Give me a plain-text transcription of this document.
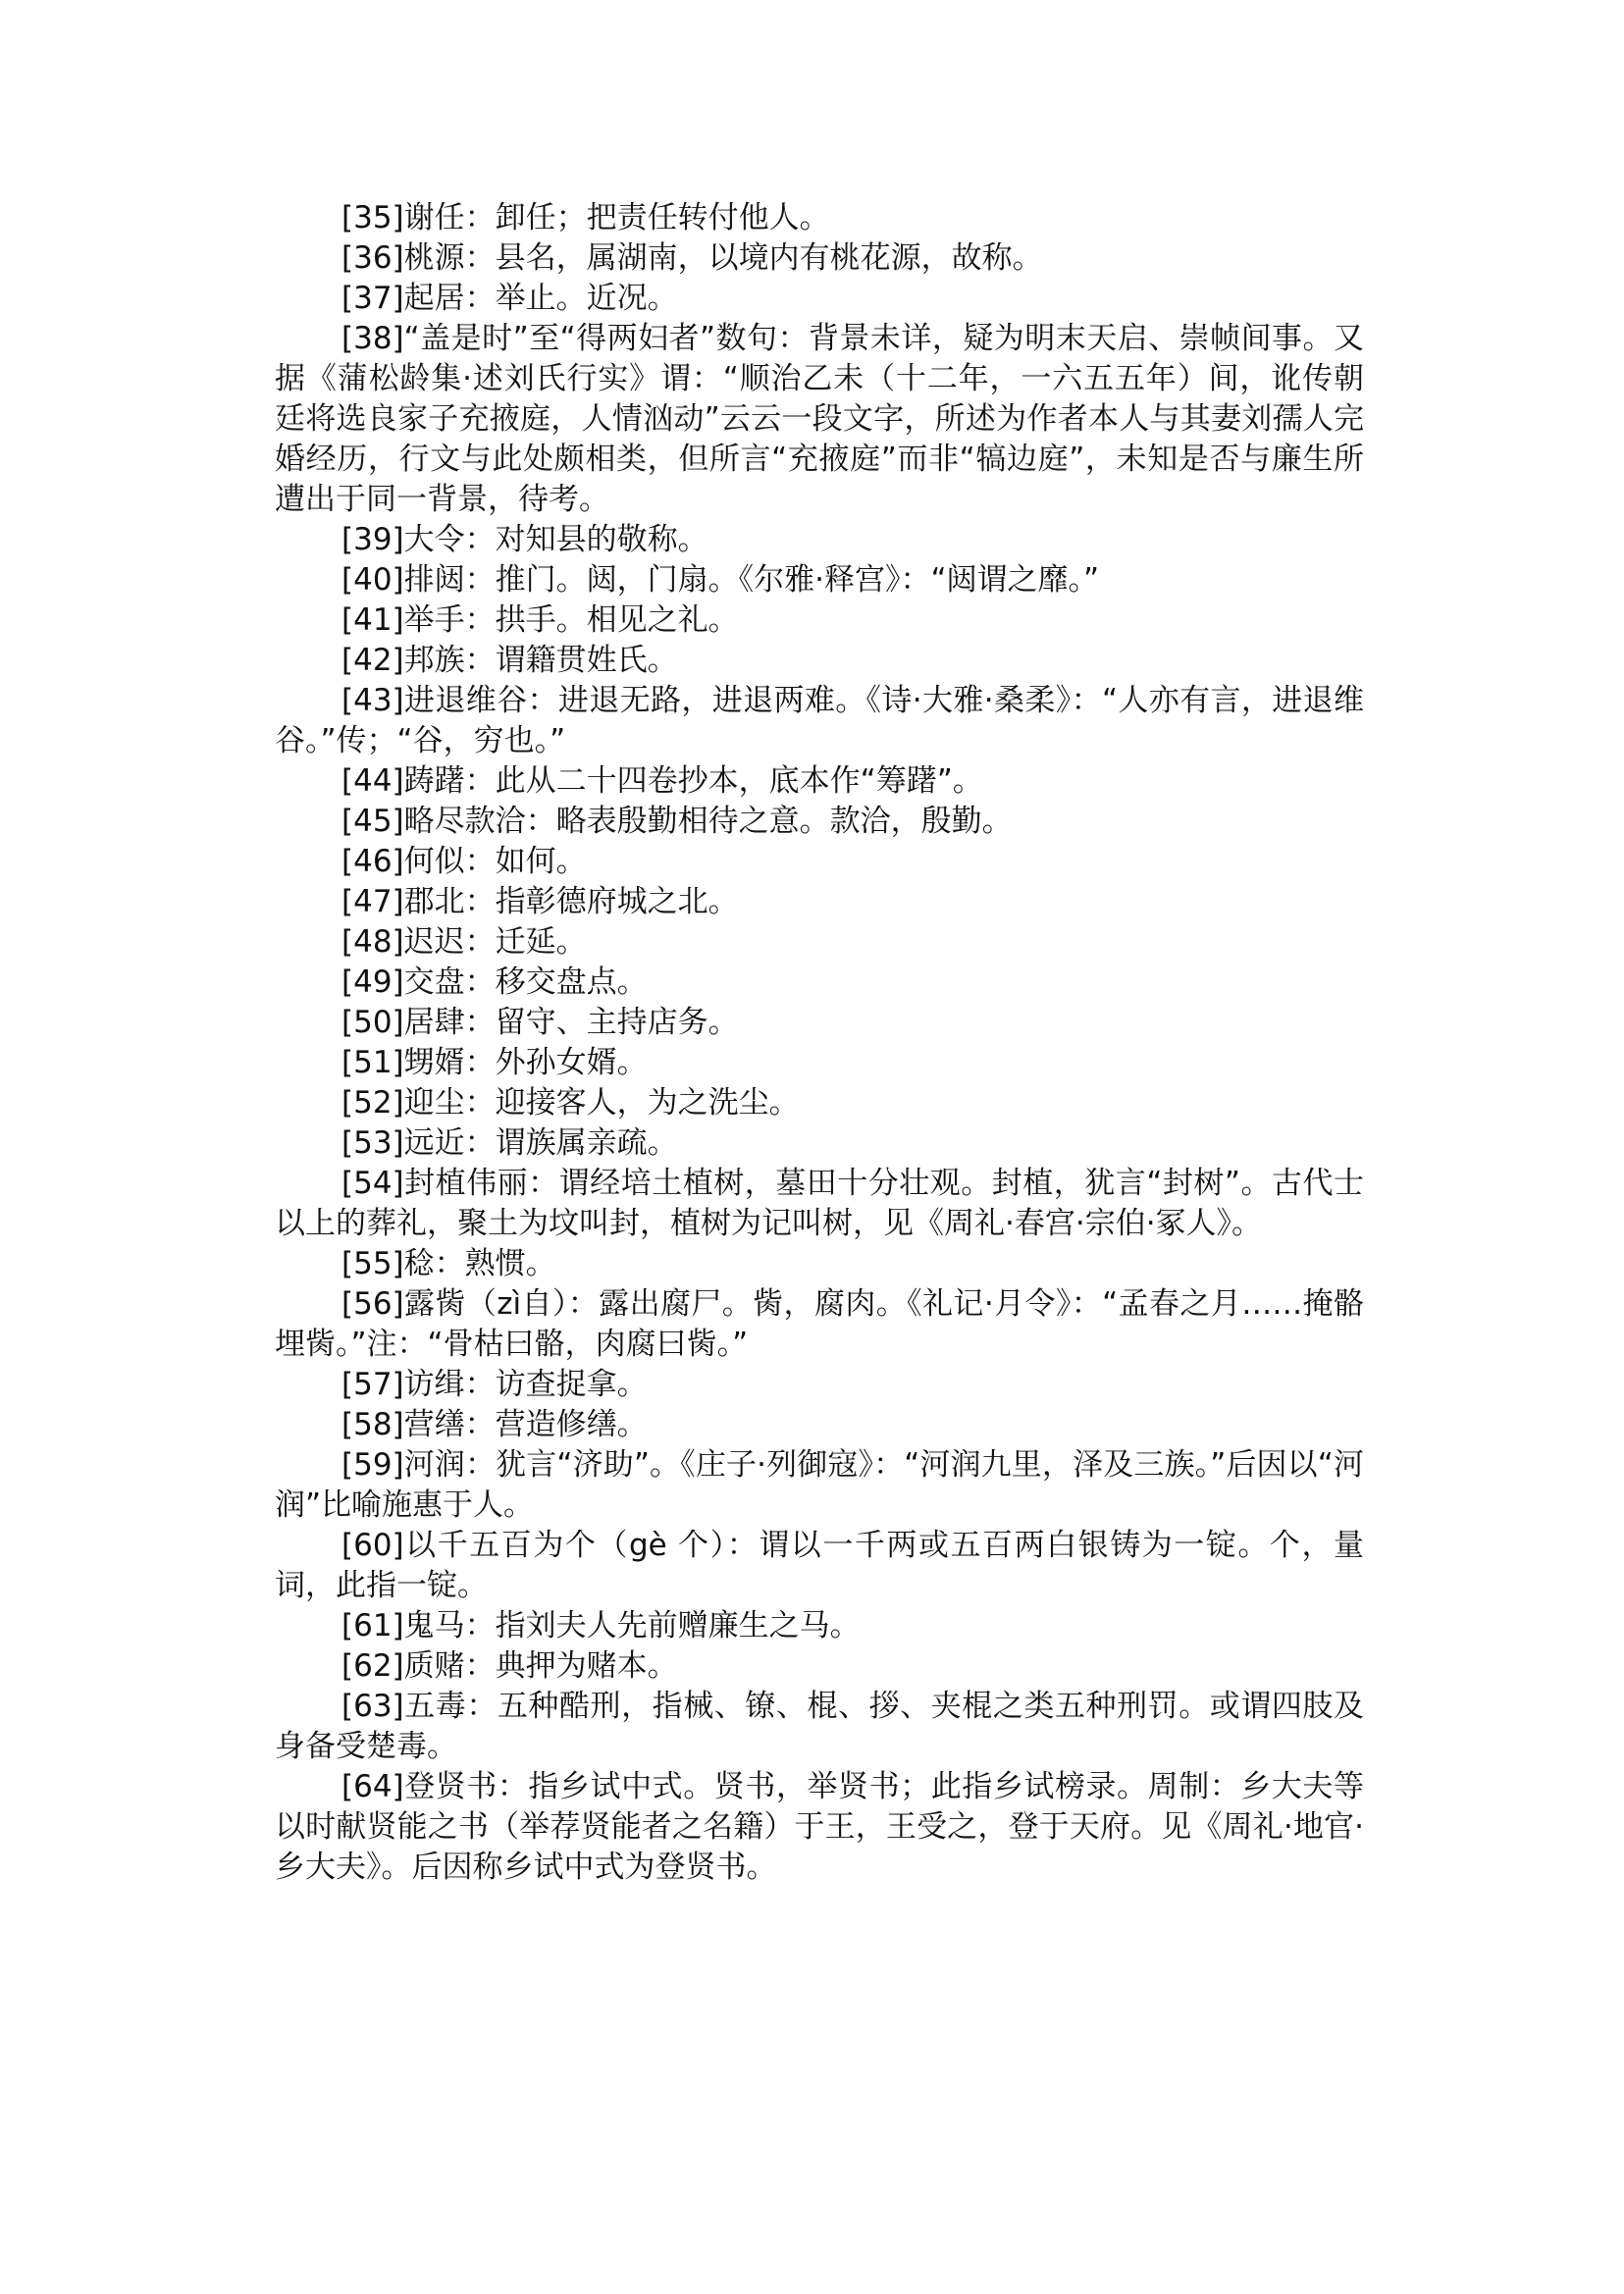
[35]谢任：卸任；把责任转付他人。

[36]桃源：县名，属湖南，以境内有桃花源，故称。

[37]起居：举止。近况。

[38]“盖是时”至“得两妇者”数句：背景未详，疑为明末天启、崇帧间事。又据《蒲松龄集·述刘氏行实》谓：“顺治乙未（十二年，一六五五年）间，讹传朝廷将选良家子充掖庭，人情汹动”云云一段文字，所述为作者本人与其妻刘孺人完婚经历，行文与此处颇相类，但所言“充掖庭”而非“犒边庭”，未知是否与廉生所遭出于同一背景，待考。

[39]大令：对知县的敬称。

[40]排闼：推门。闼，门扇。《尔雅·释宫》：“闼谓之靡。”

[41]举手：拱手。相见之礼。

[42]邦族：谓籍贯姓氏。

[43]进退维谷：进退无路，进退两难。《诗·大雅·桑柔》：“人亦有言，进退维谷。”传；“谷，穷也。”

[44]踌躇：此从二十四卷抄本，底本作“筹躇”。

[45]略尽款洽：略表殷勤相待之意。款洽，殷勤。

[46]何似：如何。

[47]郡北：指彰德府城之北。

[48]迟迟：迁延。

[49]交盘：移交盘点。

[50]居肆：留守、主持店务。

[51]甥婿：外孙女婿。

[52]迎尘：迎接客人，为之洗尘。

[53]远近：谓族属亲疏。

[54]封植伟丽：谓经培土植树，墓田十分壮观。封植，犹言“封树”。古代士以上的葬礼，聚土为坟叫封，植树为记叫树，见《周礼·春宫·宗伯·冢人》。

[55]稔：熟惯。

[56]露胔（zì自）：露出腐尸。胔，腐肉。《礼记·月令》：“孟春之月……掩骼埋胔。”注：“骨枯曰骼，肉腐曰胔。”

[57]访缉：访查捉拿。

[58]营缮：营造修缮。

[59]河润：犹言“济助”。《庄子·列御寇》：“河润九里，泽及三族。”后因以“河润”比喻施惠于人。

[60]以千五百为个（gè 个）：谓以一千两或五百两白银铸为一锭。个，量词，此指一锭。

[61]鬼马：指刘夫人先前赠廉生之马。

[62]质赌：典押为赌本。

[63]五毒：五种酷刑，指械、镣、棍、拶、夹棍之类五种刑罚。或谓四肢及身备受楚毒。

[64]登贤书：指乡试中式。贤书，举贤书；此指乡试榜录。周制：乡大夫等以时献贤能之书（举荐贤能者之名籍）于王，王受之，登于天府。见《周礼·地官·乡大夫》。后因称乡试中式为登贤书。
